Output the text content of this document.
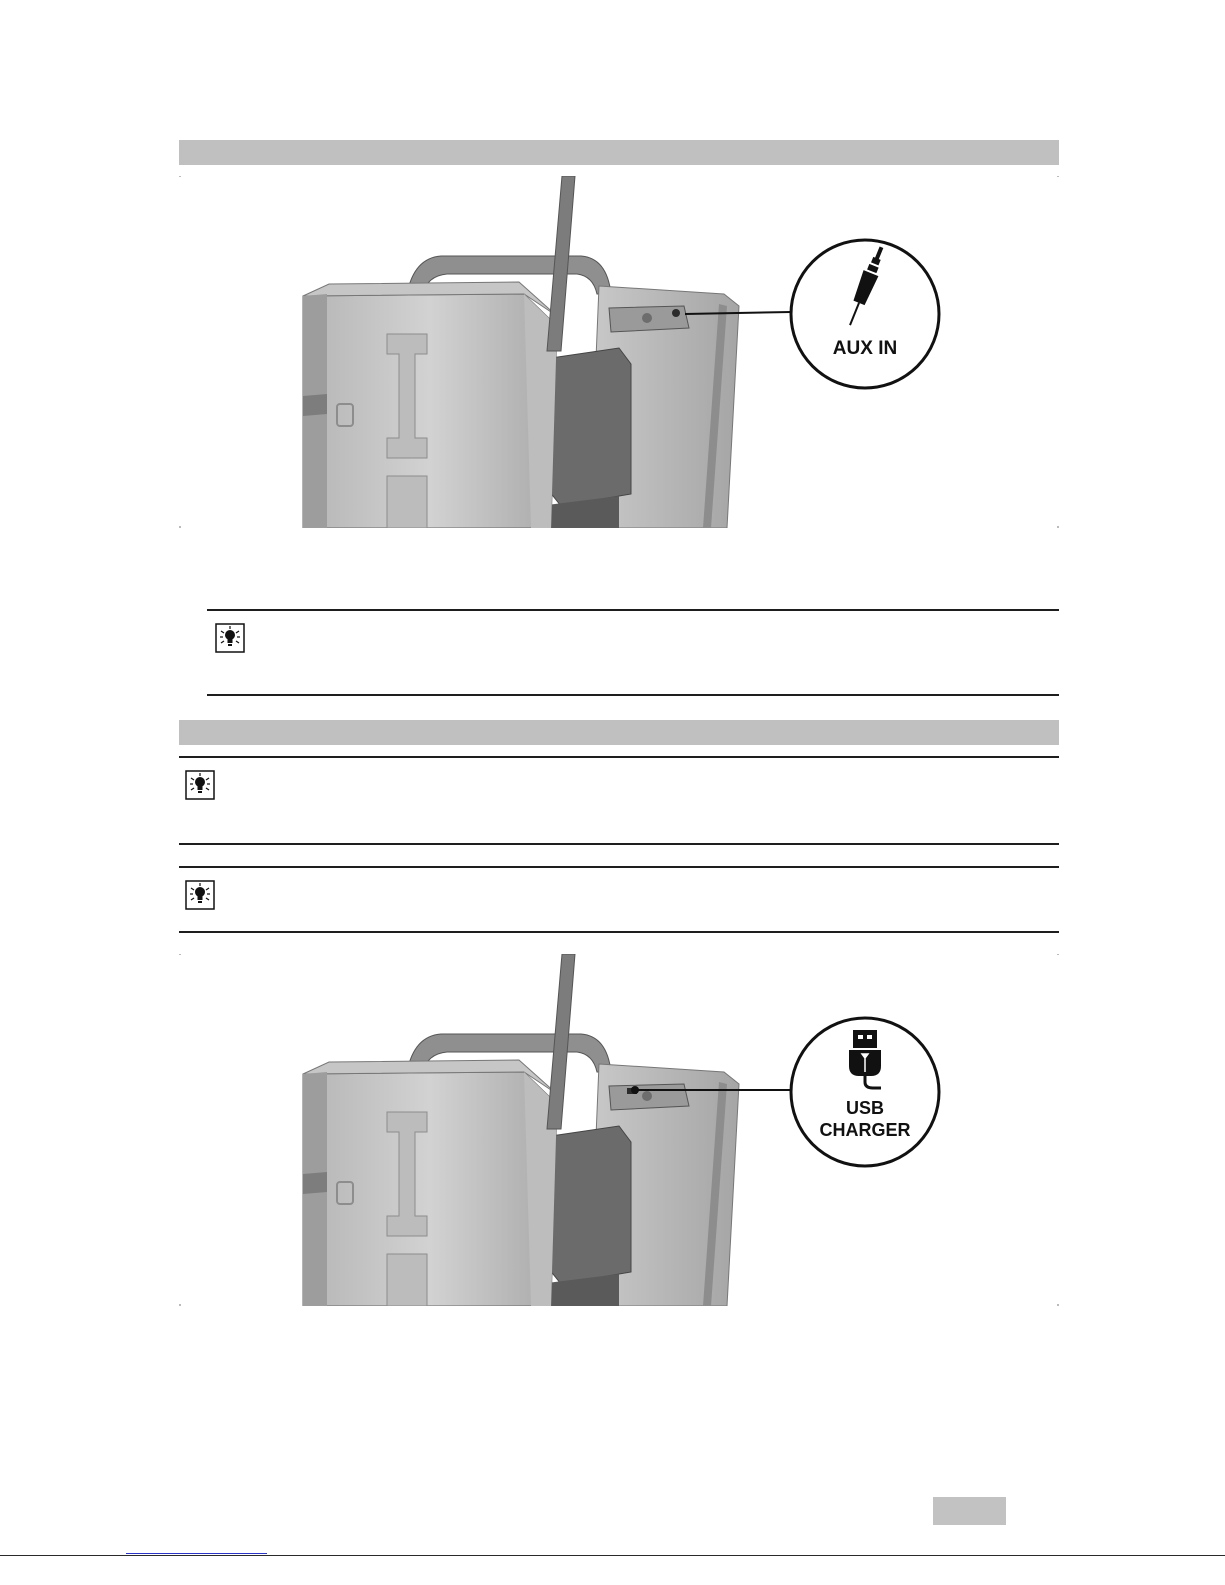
AUX IN
USB
CHARGER
